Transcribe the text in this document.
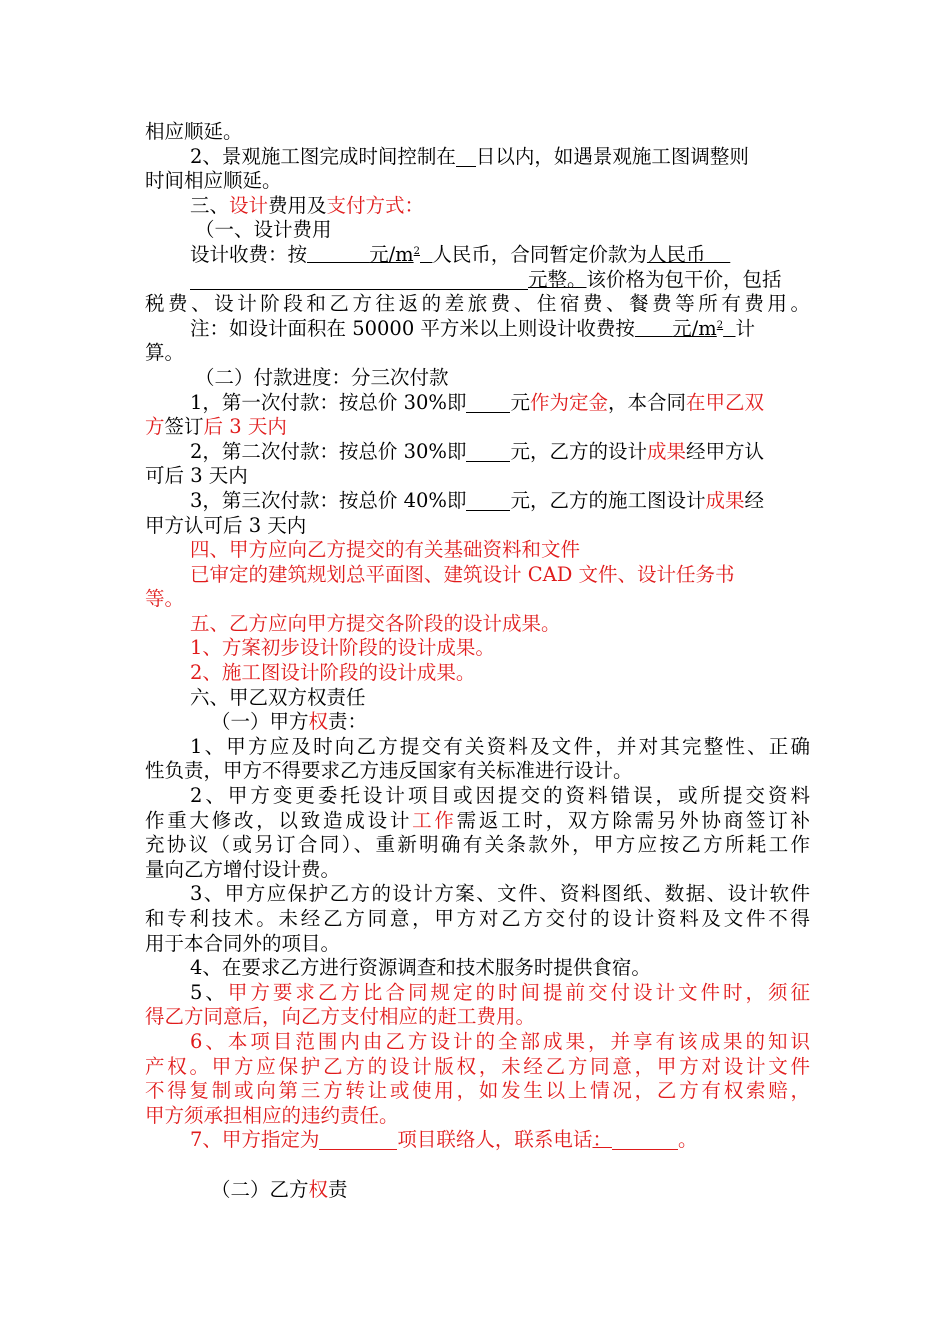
相应顺延。
2、景观施工图完成时间控制在 日以内，如遇景观施工图调整则
时间相应顺延。
三、设计费用及支付方式：
（一、设计费用
设计收费：按     	元$/m^2$  人民币，合同暂定价款为人民币  
元整。该价格为包干价，包括
税费、设计阶段和乙方往返的差旅费、住宿费、餐费等所有费用。
注：如设计面积在 50000 平方米以上则设计收费按    元$/m^2$  计
算。
（二）付款进度：分三次付款
1，第一次付款：按总价 30%即 元作为定金，本合同在甲乙双
方签订后 3 天内
2，第二次付款：按总价 30%即 元，乙方的设计成果经甲方认
可后 3 天内
3，第三次付款：按总价 40%即 元，乙方的施工图设计成果经
甲方认可后 3 天内
四、甲方应向乙方提交的有关基础资料和文件
已审定的建筑规划总平面图、建筑设计 CAD 文件、设计任务书
等。
五、乙方应向甲方提交各阶段的设计成果。
1、方案初步设计阶段的设计成果。
2、施工图设计阶段的设计成果。
六、甲乙双方权责任
（一）甲方权责：
1、甲方应及时向乙方提交有关资料及文件，并对其完整性、正确
性负责，甲方不得要求乙方违反国家有关标准进行设计。
2、甲方变更委托设计项目或因提交的资料错误，或所提交资料
作重大修改，以致造成设计工作需返工时，双方除需另外协商签订补
充协议（或另订合同）、重新明确有关条款外，甲方应按乙方所耗工作
量向乙方增付设计费。
3、甲方应保护乙方的设计方案、文件、资料图纸、数据、设计软件
和专利技术。未经乙方同意，甲方对乙方交付的设计资料及文件不得
用于本合同外的项目。
4、在要求乙方进行资源调查和技术服务时提供食宿。
5、甲方要求乙方比合同规定的时间提前交付设计文件时，须征
得乙方同意后，向乙方支付相应的赶工费用。
6、本项目范围内由乙方设计的全部成果，并享有该成果的知识
产权。甲方应保护乙方的设计版权，未经乙方同意，甲方对设计文件
不得复制或向第三方转让或使用，如发生以上情况，乙方有权索赔，
甲方须承担相应的违约责任。
7、甲方指定为	项目联络人，联系电话：	。
（二）乙方权责
